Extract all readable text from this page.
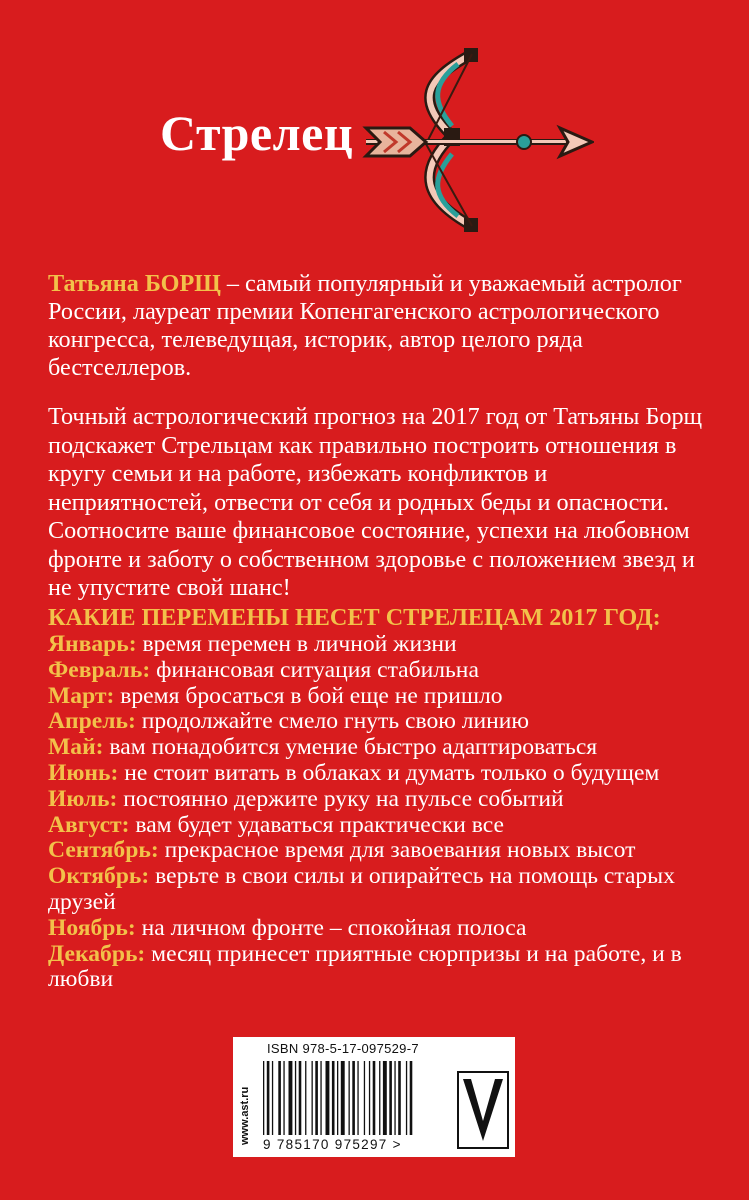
Стрелец
Татьяна БОРЩ – самый популярный и уважаемый астролог России, лауреат премии Копенгагенского астрологического конгресса, телеведущая, историк, автор целого ряда бестселлеров.
Точный астрологический прогноз на 2017 год от Татьяны Борщ подскажет Стрельцам как правильно построить отношения в кругу семьи и на работе, избежать конфликтов и неприятностей, отвести от себя и родных беды и опасности. Соотносите ваше финансовое состояние, успехи на любовном фронте и заботу о собственном здоровье с положением звезд и не упустите свой шанс!
КАКИЕ ПЕРЕМЕНЫ НЕСЕТ СТРЕЛЕЦАМ 2017 ГОД:

Январь: время перемен в личной жизни

Февраль: финансовая ситуация стабильна

Март: время бросаться в бой еще не пришло

Апрель: продолжайте смело гнуть свою линию

Май: вам понадобится умение быстро адаптироваться

Июнь: не стоит витать в облаках и думать только о будущем

Июль: постоянно держите руку на пульсе событий

Август: вам будет удаваться практически все

Сентябрь: прекрасное время для завоевания новых высот

Октябрь: верьте в свои силы и опирайтесь на помощь старых друзей

Ноябрь: на личном фронте – спокойная полоса

Декабрь: месяц принесет приятные сюрпризы и на работе, и в любви

ISBN 978-5-17-097529-7
www.ast.ru 9 785170 975297 >
